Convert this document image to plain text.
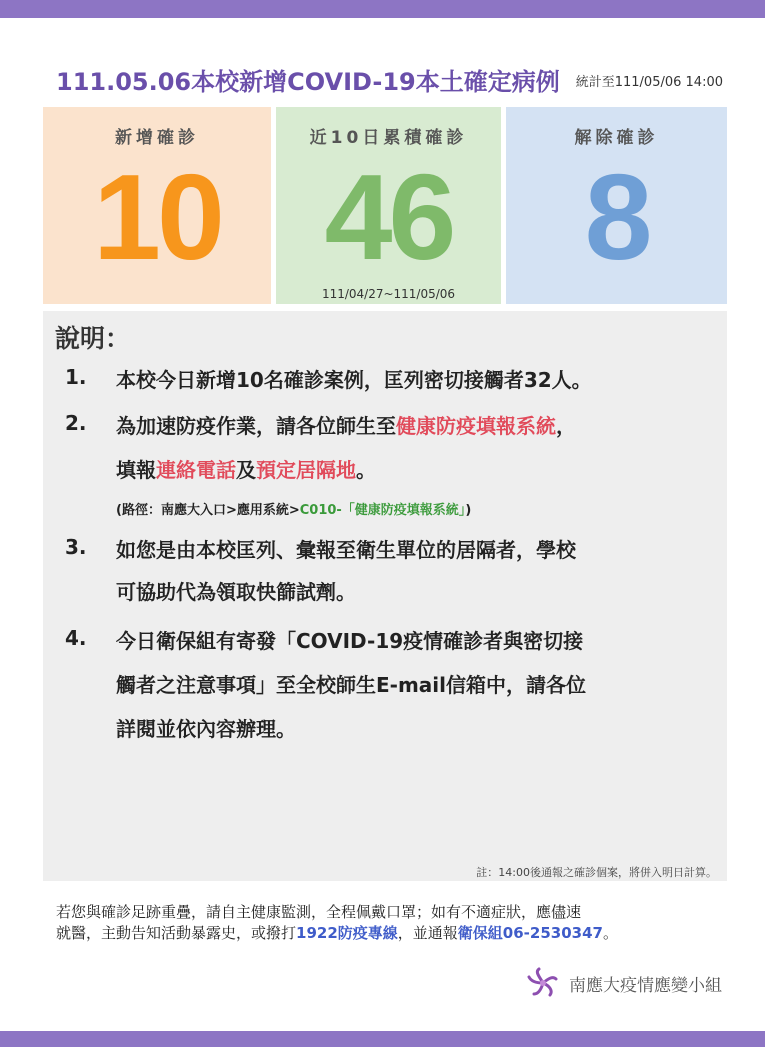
111.05.06本校新增COVID-19本土確定病例 統計至111/05/06 14:00
新增確診
10
近10日累積確診
46
111/04/27~111/05/06
解除確診
8
說明：
1. 本校今日新增10名確診案例，匡列密切接觸者32人。
2. 為加速防疫作業，請各位師生至健康防疫填報系統，
填報連絡電話及預定居隔地。
(路徑：南應大入口>應用系統>C010-「健康防疫填報系統」)
3. 如您是由本校匡列、彙報至衛生單位的居隔者，學校
可協助代為領取快篩試劑。
4. 今日衛保組有寄發「COVID-19疫情確診者與密切接
觸者之注意事項」至全校師生E-mail信箱中，請各位
詳閱並依內容辦理。
註：14:00後通報之確診個案，將併入明日計算。
若您與確診足跡重疊，請自主健康監測，全程佩戴口罩；如有不適症狀，應儘速
就醫，主動告知活動暴露史，或撥打1922防疫專線，並通報衛保組06-2530347。
南應大疫情應變小組
